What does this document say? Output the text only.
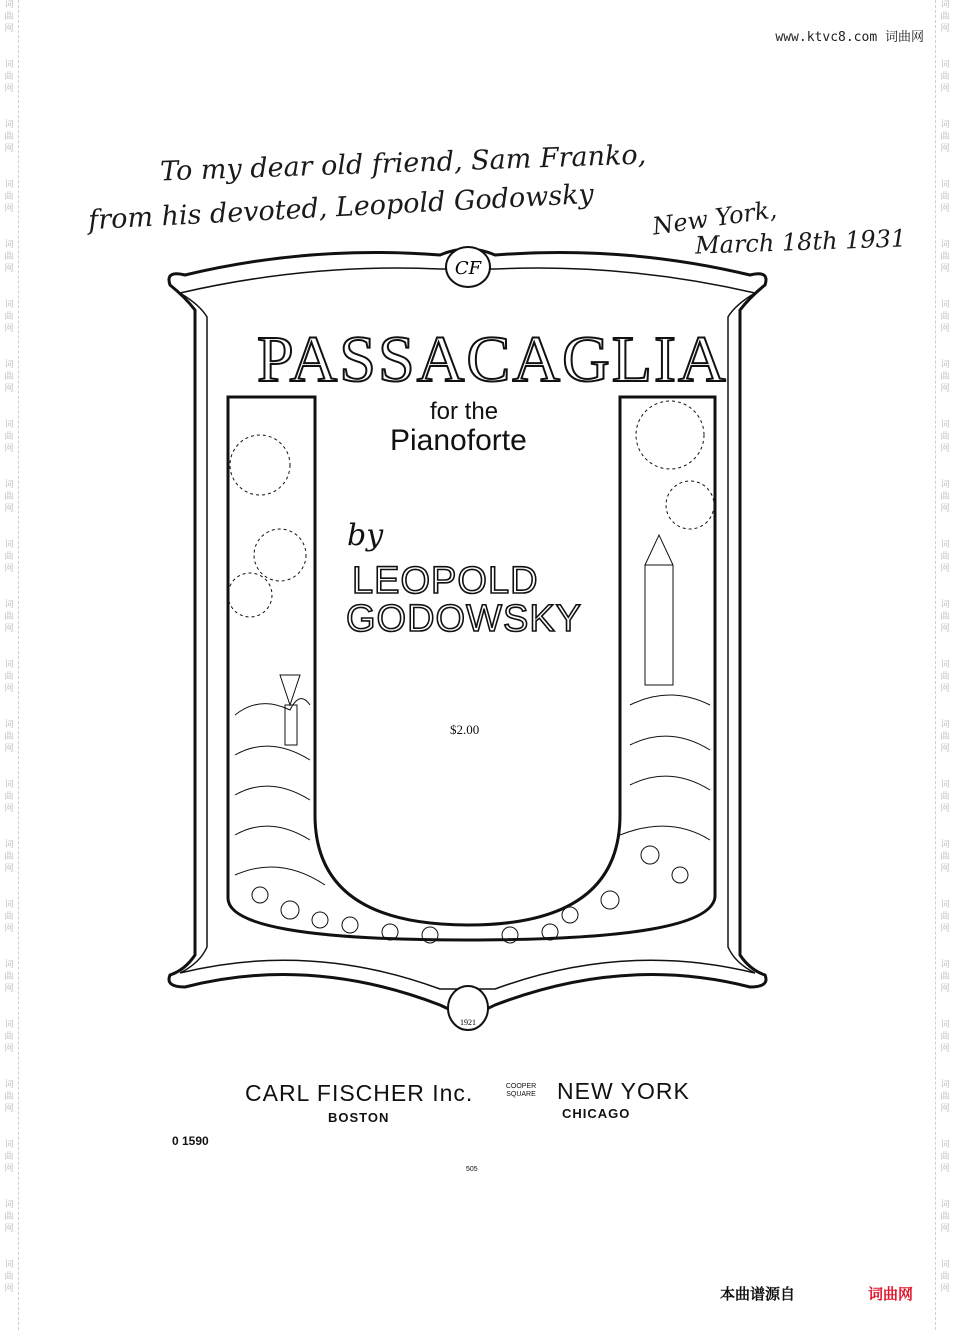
词
曲
网
词
曲
网
词
曲
网
词
曲
网
词
曲
网
词
曲
网
词
曲
网
词
曲
网
词
曲
网
词
曲
网
词
曲
网
词
曲
网
词
曲
网
词
曲
网
词
曲
网
词
曲
网
词
曲
网
词
曲
网
词
曲
网
词
曲
网
词
曲
网
词
曲
网
词
曲
网
词
曲
网
词
曲
网
词
曲
网
词
曲
网
词
曲
网
词
曲
网
词
曲
网
词
曲
网
词
曲
网
词
曲
网
词
曲
网
词
曲
网
词
曲
网
词
曲
网
词
曲
网
词
曲
网
词
曲
网
词
曲
网
词
曲
网
词
曲
网
词
曲
网
www.ktvc8.com 词曲网
To my dear old friend, Sam Franko,
from his devoted, Leopold Godowsky New York,
March 18th 1931
CF
1921
PASSACAGLIA
for the
Pianoforte
by
LEOPOLD
GODOWSKY
$2.00
CARL FISCHER Inc.	COOPER SQUARE NEW YORK
BOSTON	CHICAGO
0 1590
505
本曲谱源自	词曲网
